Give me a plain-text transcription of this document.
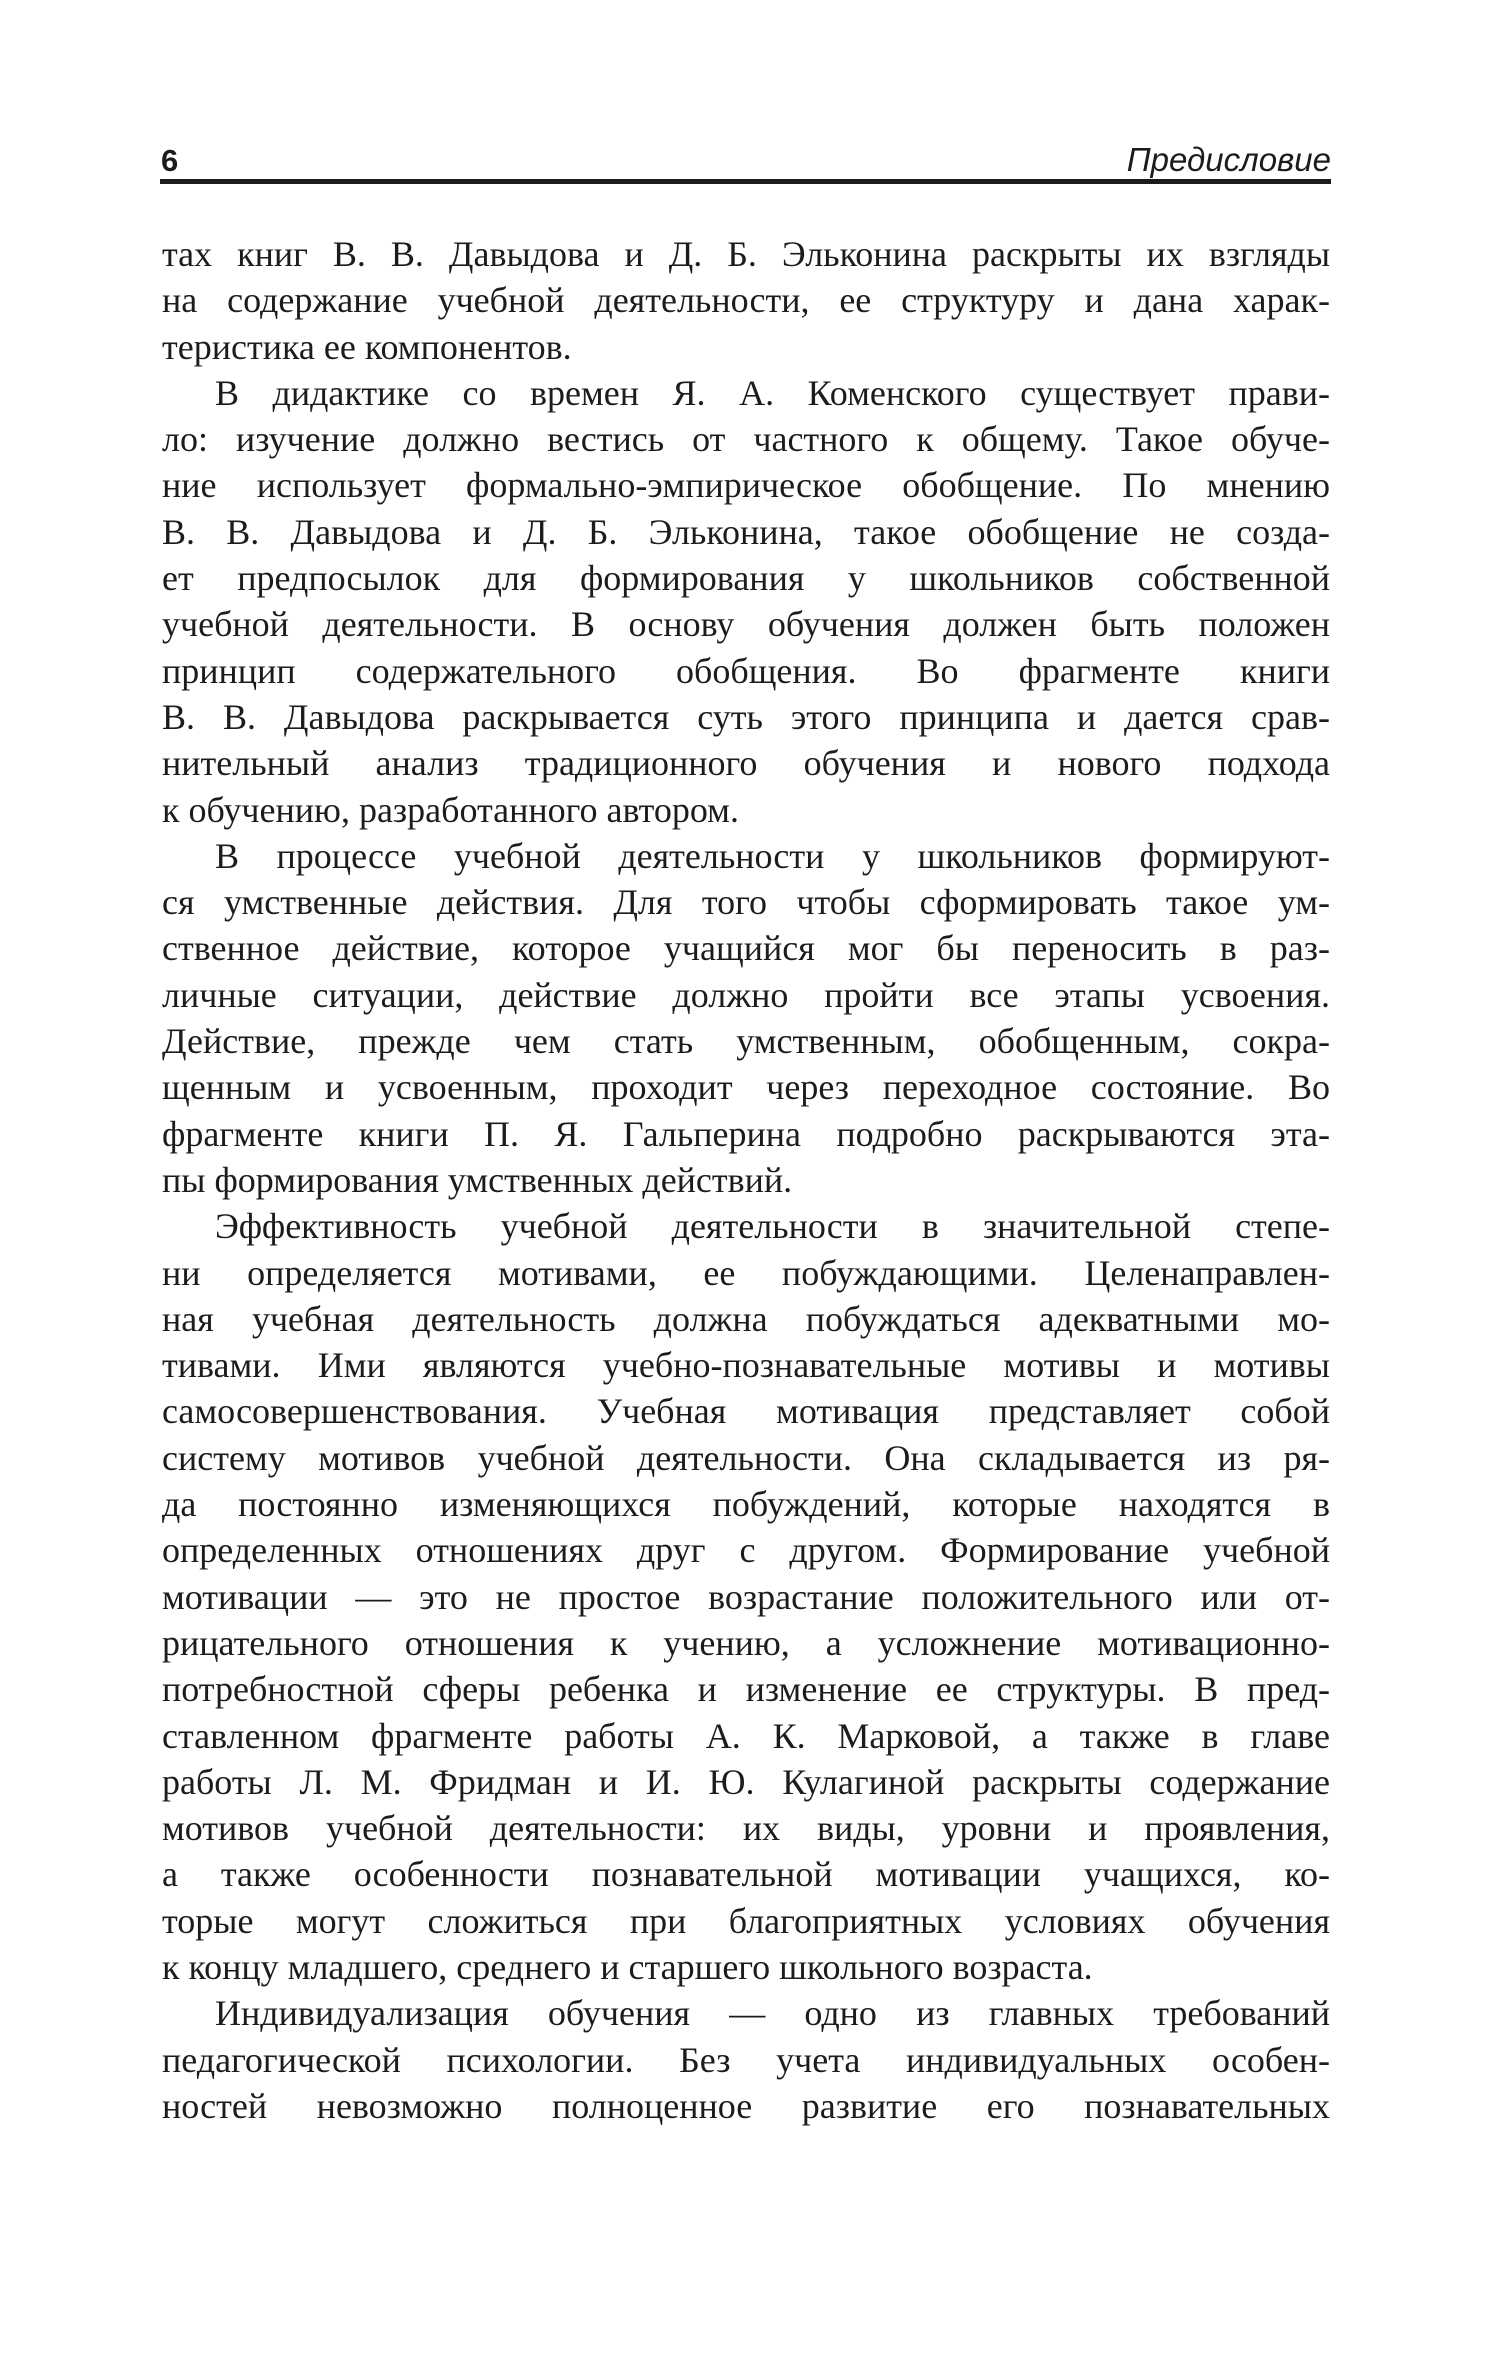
6	Предисловие

тах книг В. В. Давыдова и Д. Б. Эльконина раскрыты их взгляды
на содержание учебной деятельности, ее структуру и дана харак-
теристика ее компонентов.

В дидактике со времен Я. А. Коменского существует прави-
ло: изучение должно вестись от частного к общему. Такое обуче-
ние использует формально-эмпирическое обобщение. По мнению
В. В. Давыдова и Д. Б. Эльконина, такое обобщение не созда-
ет предпосылок для формирования у школьников собственной
учебной деятельности. В основу обучения должен быть положен
принцип содержательного обобщения. Во фрагменте книги
В. В. Давыдова раскрывается суть этого принципа и дается срав-
нительный анализ традиционного обучения и нового подхода
к обучению, разработанного автором.

В процессе учебной деятельности у школьников формируют-
ся умственные действия. Для того чтобы сформировать такое ум-
ственное действие, которое учащийся мог бы переносить в раз-
личные ситуации, действие должно пройти все этапы усвоения.
Действие, прежде чем стать умственным, обобщенным, сокра-
щенным и усвоенным, проходит через переходное состояние. Во
фрагменте книги П. Я. Гальперина подробно раскрываются эта-
пы формирования умственных действий.

Эффективность учебной деятельности в значительной степе-
ни определяется мотивами, ее побуждающими. Целенаправлен-
ная учебная деятельность должна побуждаться адекватными мо-
тивами. Ими являются учебно-познавательные мотивы и мотивы
самосовершенствования. Учебная мотивация представляет собой
систему мотивов учебной деятельности. Она складывается из ря-
да постоянно изменяющихся побуждений, которые находятся в
определенных отношениях друг с другом. Формирование учебной
мотивации — это не простое возрастание положительного или от-
рицательного отношения к учению, а усложнение мотивационно-
потребностной сферы ребенка и изменение ее структуры. В пред-
ставленном фрагменте работы А. К. Марковой, а также в главе
работы Л. М. Фридман и И. Ю. Кулагиной раскрыты содержание
мотивов учебной деятельности: их виды, уровни и проявления,
а также особенности познавательной мотивации учащихся, ко-
торые могут сложиться при благоприятных условиях обучения
к концу младшего, среднего и старшего школьного возраста.

Индивидуализация обучения — одно из главных требований
педагогической психологии. Без учета индивидуальных особен-
ностей невозможно полноценное развитие его познавательных
